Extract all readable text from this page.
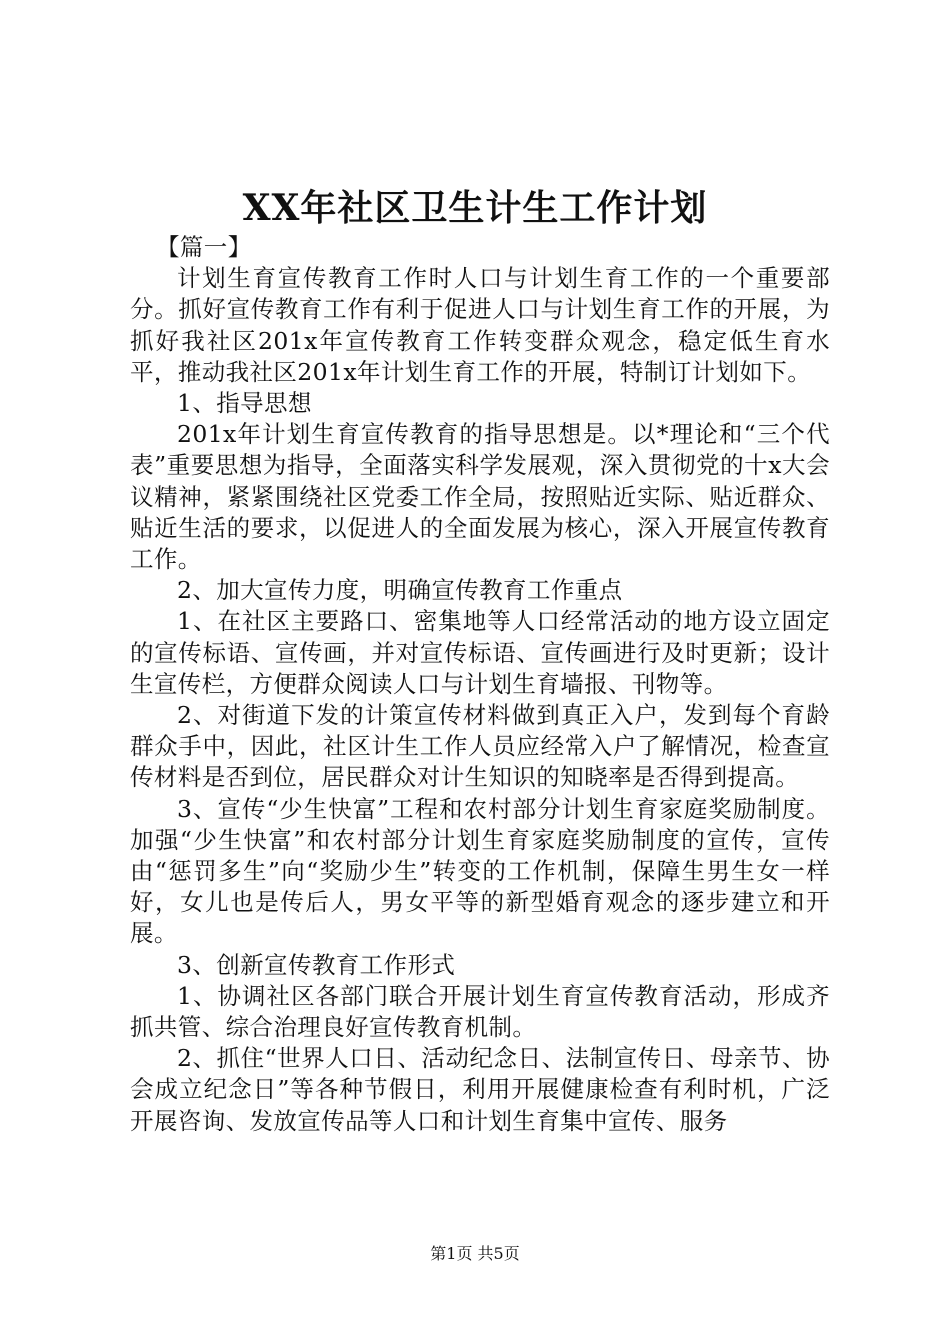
XX年社区卫生计生工作计划

【篇一】

计划生育宣传教育工作时人口与计划生育工作的一个重要部分。抓好宣传教育工作有利于促进人口与计划生育工作的开展，为抓好我社区201x年宣传教育工作转变群众观念，稳定低生育水平，推动我社区201x年计划生育工作的开展，特制订计划如下。

1、指导思想

201x年计划生育宣传教育的指导思想是。以*理论和“三个代表”重要思想为指导，全面落实科学发展观，深入贯彻党的十x大会议精神，紧紧围绕社区党委工作全局，按照贴近实际、贴近群众、贴近生活的要求，以促进人的全面发展为核心，深入开展宣传教育工作。

2、加大宣传力度，明确宣传教育工作重点

1、在社区主要路口、密集地等人口经常活动的地方设立固定的宣传标语、宣传画，并对宣传标语、宣传画进行及时更新；设计生宣传栏，方便群众阅读人口与计划生育墙报、刊物等。

2、对街道下发的计策宣传材料做到真正入户，发到每个育龄群众手中，因此，社区计生工作人员应经常入户了解情况，检查宣传材料是否到位，居民群众对计生知识的知晓率是否得到提高。

3、宣传“少生快富”工程和农村部分计划生育家庭奖励制度。加强“少生快富”和农村部分计划生育家庭奖励制度的宣传，宣传由“惩罚多生”向“奖励少生”转变的工作机制，保障生男生女一样好，女儿也是传后人，男女平等的新型婚育观念的逐步建立和开展。

3、创新宣传教育工作形式

1、协调社区各部门联合开展计划生育宣传教育活动，形成齐抓共管、综合治理良好宣传教育机制。

2、抓住“世界人口日、活动纪念日、法制宣传日、母亲节、协会成立纪念日”等各种节假日，利用开展健康检查有利时机，广泛开展咨询、发放宣传品等人口和计划生育集中宣传、服务

第1页 共5页
